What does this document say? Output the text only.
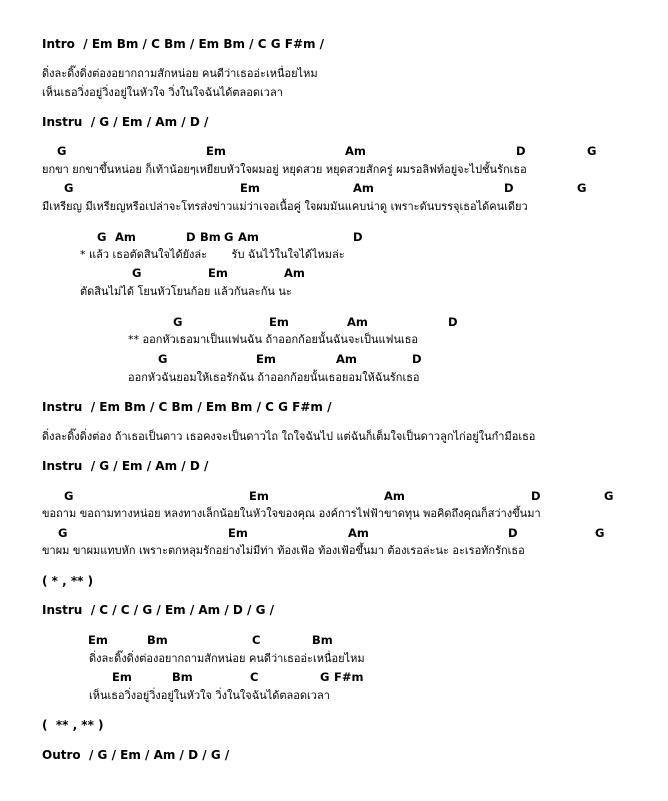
Intro  / Em Bm / C Bm / Em Bm / C G F#m /
ดิ่งละดิ๊งดิ่งต่องอยากถามสักหน่อย คนดีว่าเธออ่ะเหนื่อยไหม
เห็นเธอวิ่งอยู่วิ่งอยู่ในหัวใจ วิ่งในใจฉันได้ตลอดเวลา
Instru  / G / Em / Am / D /
G	Em	Am	D	G
ยกขา ยกขาขึ้นหน่อย ก็เท้าน้อยๆเหยียบหัวใจผมอยู่ หยุดสวย หยุดสวยสักครู่ ผมรอลิฟท์อยู่จะไปชั้นรักเธอ
G	Em	Am	D	G
มีเหรียญ มีเหรียญหรือเปล่าจะโทรส่งข่าวแม่ว่าเจอเนื้อคู่ ใจผมมันแคบน่าดู เพราะดันบรรจุเธอได้คนเดียว
G Am	D Bm G Am	D
* แล้ว เธอตัดสินใจได้ยังล่ะ       รับ ฉันไว้ในใจได้ไหมล่ะ
G	Em	Am
ตัดสินไม่ได้ โยนหัวโยนก้อย แล้วกันละกัน นะ
G	Em	Am	D
** ออกหัวเธอมาเป็นแฟนฉัน ถ้าออกก้อยนั้นฉันจะเป็นแฟนเธอ
G	Em	Am	D
ออกหัวฉันยอมให้เธอรักฉัน ถ้าออกก้อยนั้นเธอยอมให้ฉันรักเธอ
Instru  / Em Bm / C Bm / Em Bm / C G F#m /
ดิ่งละดิ๊งดิ่งต่อง ถ้าเธอเป็นดาว เธอคงจะเป็นดาวไถ ใถใจฉันไป แต่ฉันก็เต็มใจเป็นดาวลูกไก่อยู่ในกำมือเธอ
Instru  / G / Em / Am / D /
G	Em	Am	D	G
ขอถาม ขอถามทางหน่อย หลงทางเล็กน้อยในหัวใจของคุณ องค์การไฟฟ้าขาดทุน พอคิดถึงคุณก็สว่างขึ้นมา
G	Em	Am	D	G
ขาผม ขาผมแทบหัก เพราะตกหลุมรักอย่างไม่มีท่า ท้องเฟ้อ ท้องเฟ้อขึ้นมา ต้องเรอล่ะนะ อะเรอทักรักเธอ
( * , ** )
Instru  / C / C / G / Em / Am / D / G /
Em	Bm	C	Bm
ดิ่งละดิ๊งดิ่งต่องอยากถามสักหน่อย คนดีว่าเธออ่ะเหนื่อยไหม
Em	Bm	C	G F#m
เห็นเธอวิ่งอยู่วิ่งอยู่ในหัวใจ วิ่งในใจฉันได้ตลอดเวลา
(  ** , ** )
Outro  / G / Em / Am / D / G /
